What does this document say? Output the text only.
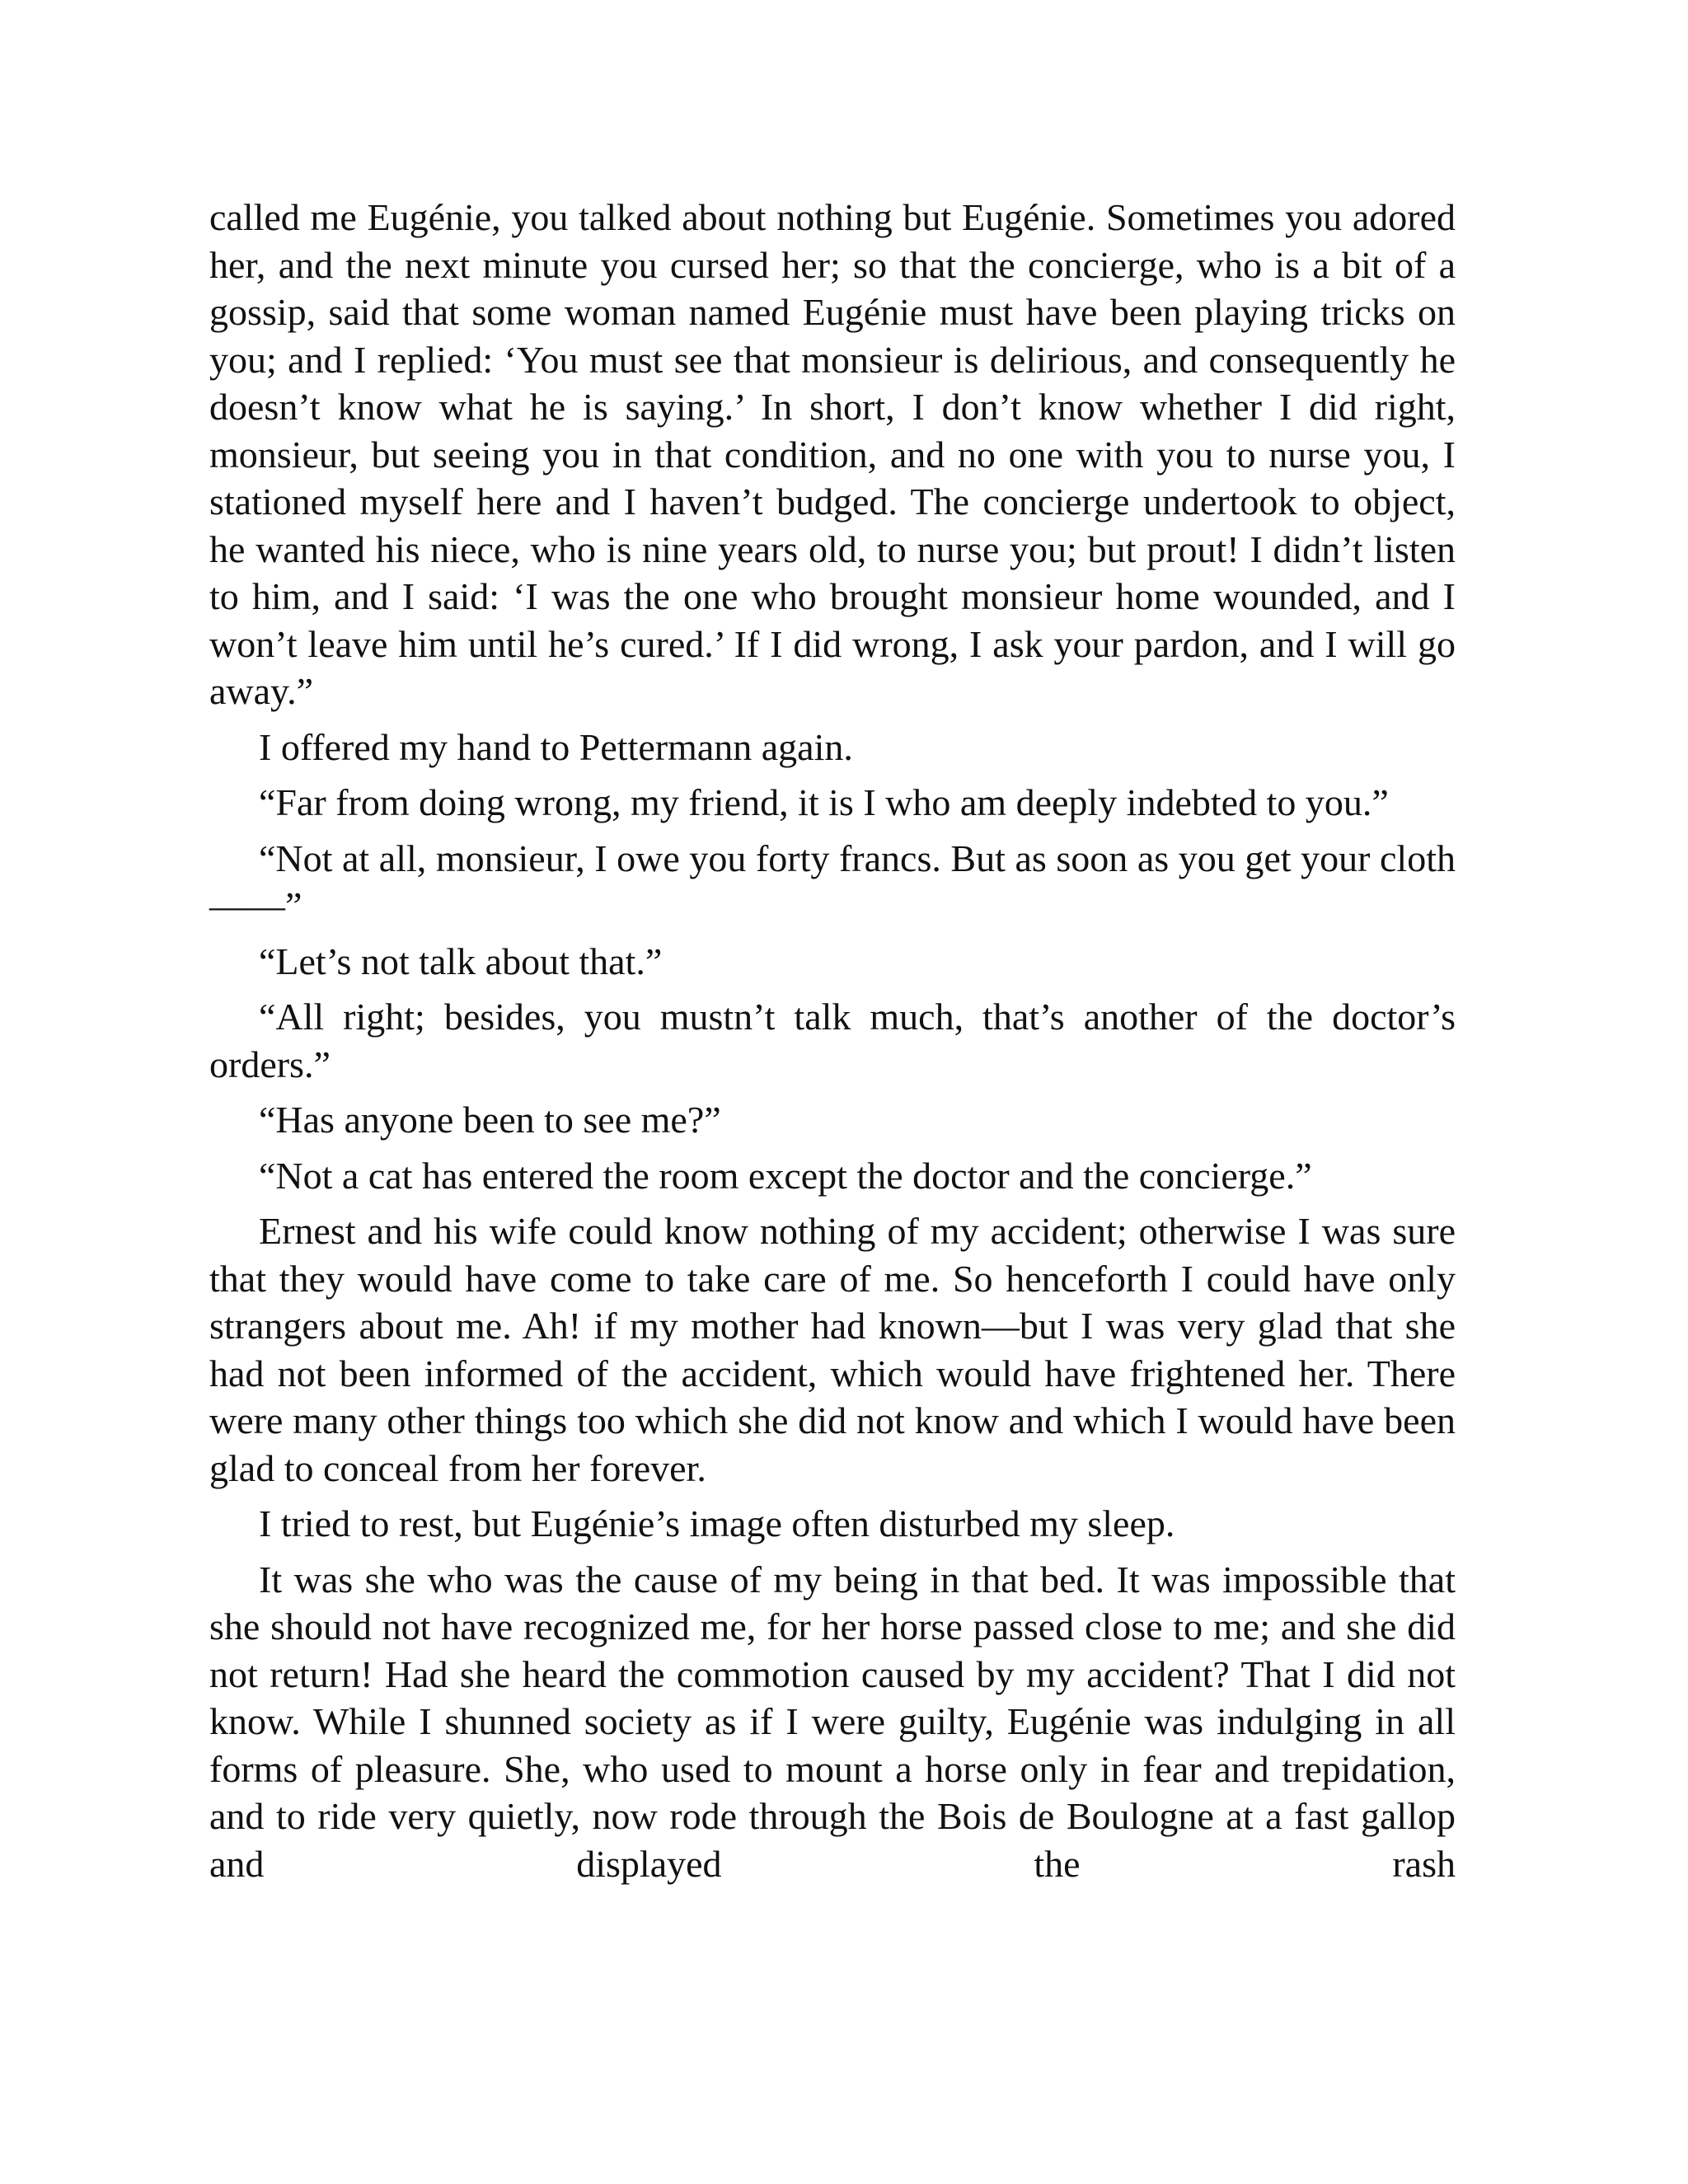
called me Eugénie, you talked about nothing but Eugénie. Sometimes you adored her, and the next minute you cursed her; so that the concierge, who is a bit of a gossip, said that some woman named Eugénie must have been playing tricks on you; and I replied: ‘You must see that monsieur is delirious, and consequently he doesn’t know what he is saying.’ In short, I don’t know whether I did right, monsieur, but seeing you in that condition, and no one with you to nurse you, I stationed myself here and I haven’t budged. The concierge undertook to object, he wanted his niece, who is nine years old, to nurse you; but prout! I didn’t listen to him, and I said: ‘I was the one who brought monsieur home wounded, and I won’t leave him until he’s cured.’ If I did wrong, I ask your pardon, and I will go away.”

I offered my hand to Pettermann again.

“Far from doing wrong, my friend, it is I who am deeply indebted to you.”

“Not at all, monsieur, I owe you forty francs. But as soon as you get your cloth——”

“Let’s not talk about that.”

“All right; besides, you mustn’t talk much, that’s another of the doctor’s orders.”

“Has anyone been to see me?”

“Not a cat has entered the room except the doctor and the concierge.”

Ernest and his wife could know nothing of my accident; otherwise I was sure that they would have come to take care of me. So henceforth I could have only strangers about me. Ah! if my mother had known—but I was very glad that she had not been informed of the accident, which would have frightened her. There were many other things too which she did not know and which I would have been glad to conceal from her forever.

I tried to rest, but Eugénie’s image often disturbed my sleep.

It was she who was the cause of my being in that bed. It was impossible that she should not have recognized me, for her horse passed close to me; and she did not return! Had she heard the commotion caused by my accident? That I did not know. While I shunned society as if I were guilty, Eugénie was indulging in all forms of pleasure. She, who used to mount a horse only in fear and trepidation, and to ride very quietly, now rode through the Bois de Boulogne at a fast gallop and displayed the rash
